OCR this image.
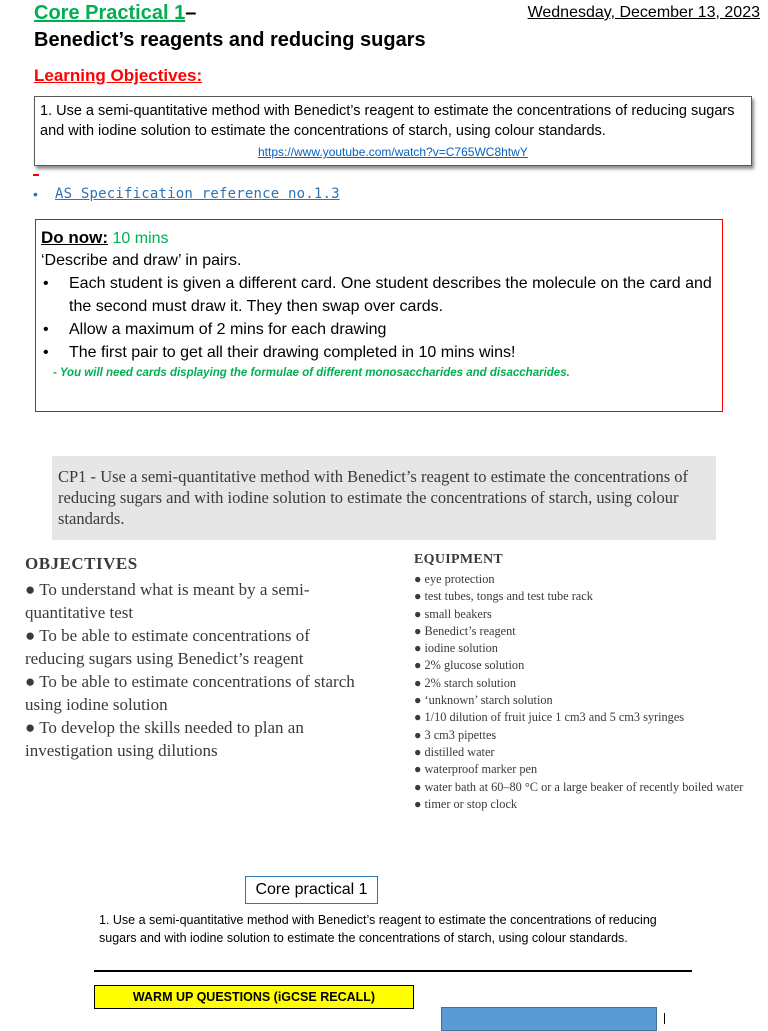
Core Practical 1–	Wednesday, December 13, 2023
Benedict’s reagents and reducing sugars
Learning Objectives:
1. Use a semi-quantitative method with Benedict’s reagent to estimate the concentrations of reducing sugars and with iodine solution to estimate the concentrations of starch, using colour standards.
https://www.youtube.com/watch?v=C765WC8htwY
• AS Specification reference no.1.3

Do now: 10 mins

‘Describe and draw’ in pairs.

• Each student is given a different card. One student describes the molecule on the card and the second must draw it. They then swap over cards.
• Allow a maximum of 2 mins for each drawing
• The first pair to get all their drawing completed in 10 mins wins!
- You will need cards displaying the formulae of different monosaccharides and disaccharides.
CP1 - Use a semi-quantitative method with Benedict’s reagent to estimate the concentrations of reducing sugars and with iodine solution to estimate the concentrations of starch, using colour standards.
OBJECTIVES
● To understand what is meant by a semi-quantitative test
● To be able to estimate concentrations of reducing sugars using Benedict’s reagent
● To be able to estimate concentrations of starch using iodine solution
● To develop the skills needed to plan an investigation using dilutions
EQUIPMENT
● eye protection
● test tubes, tongs and test tube rack
● small beakers
● Benedict’s reagent
● iodine solution
● 2% glucose solution
● 2% starch solution
● ‘unknown’ starch solution
● 1/10 dilution of fruit juice 1 cm3 and 5 cm3 syringes
● 3 cm3 pipettes
● distilled water
● waterproof marker pen
● water bath at 60–80 °C or a large beaker of recently boiled water
● timer or stop clock
Core practical 1
1. Use a semi-quantitative method with Benedict’s reagent to estimate the concentrations of reducing sugars and with iodine solution to estimate the concentrations of starch, using colour standards.
WARM UP QUESTIONS (iGCSE RECALL)
